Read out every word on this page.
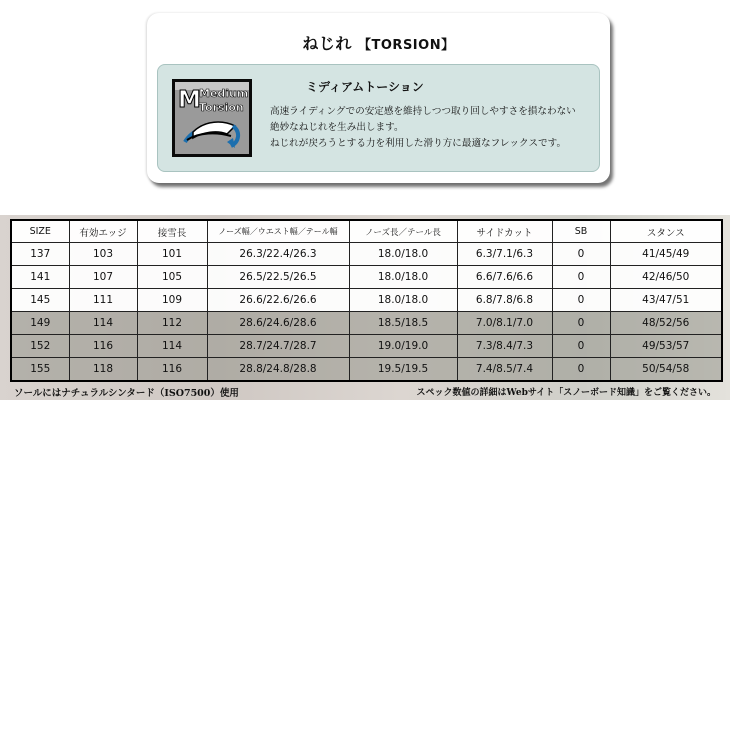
ねじれ 【TORSION】
M
Medium
Torsion
ミディアムトーション
高速ライディングでの安定感を維持しつつ取り回しやすさを損なわない
絶妙なねじれを生み出します。
ねじれが戻ろうとする力を利用した滑り方に最適なフレックスです。
SIZE	有効エッジ	接雪長	ノーズ幅／ウエスト幅／テール幅	ノーズ長／テール長	サイドカット	SB	スタンス
137	103	101	26.3/22.4/26.3	18.0/18.0	6.3/7.1/6.3	0	41/45/49
141	107	105	26.5/22.5/26.5	18.0/18.0	6.6/7.6/6.6	0	42/46/50
145	111	109	26.6/22.6/26.6	18.0/18.0	6.8/7.8/6.8	0	43/47/51
149	114	112	28.6/24.6/28.6	18.5/18.5	7.0/8.1/7.0	0	48/52/56
152	116	114	28.7/24.7/28.7	19.0/19.0	7.3/8.4/7.3	0	49/53/57
155	118	116	28.8/24.8/28.8	19.5/19.5	7.4/8.5/7.4	0	50/54/58
ソールにはナチュラルシンタード（ISO7500）使用	スペック数値の詳細はWebサイト「スノーボード知識」をご覧ください。
